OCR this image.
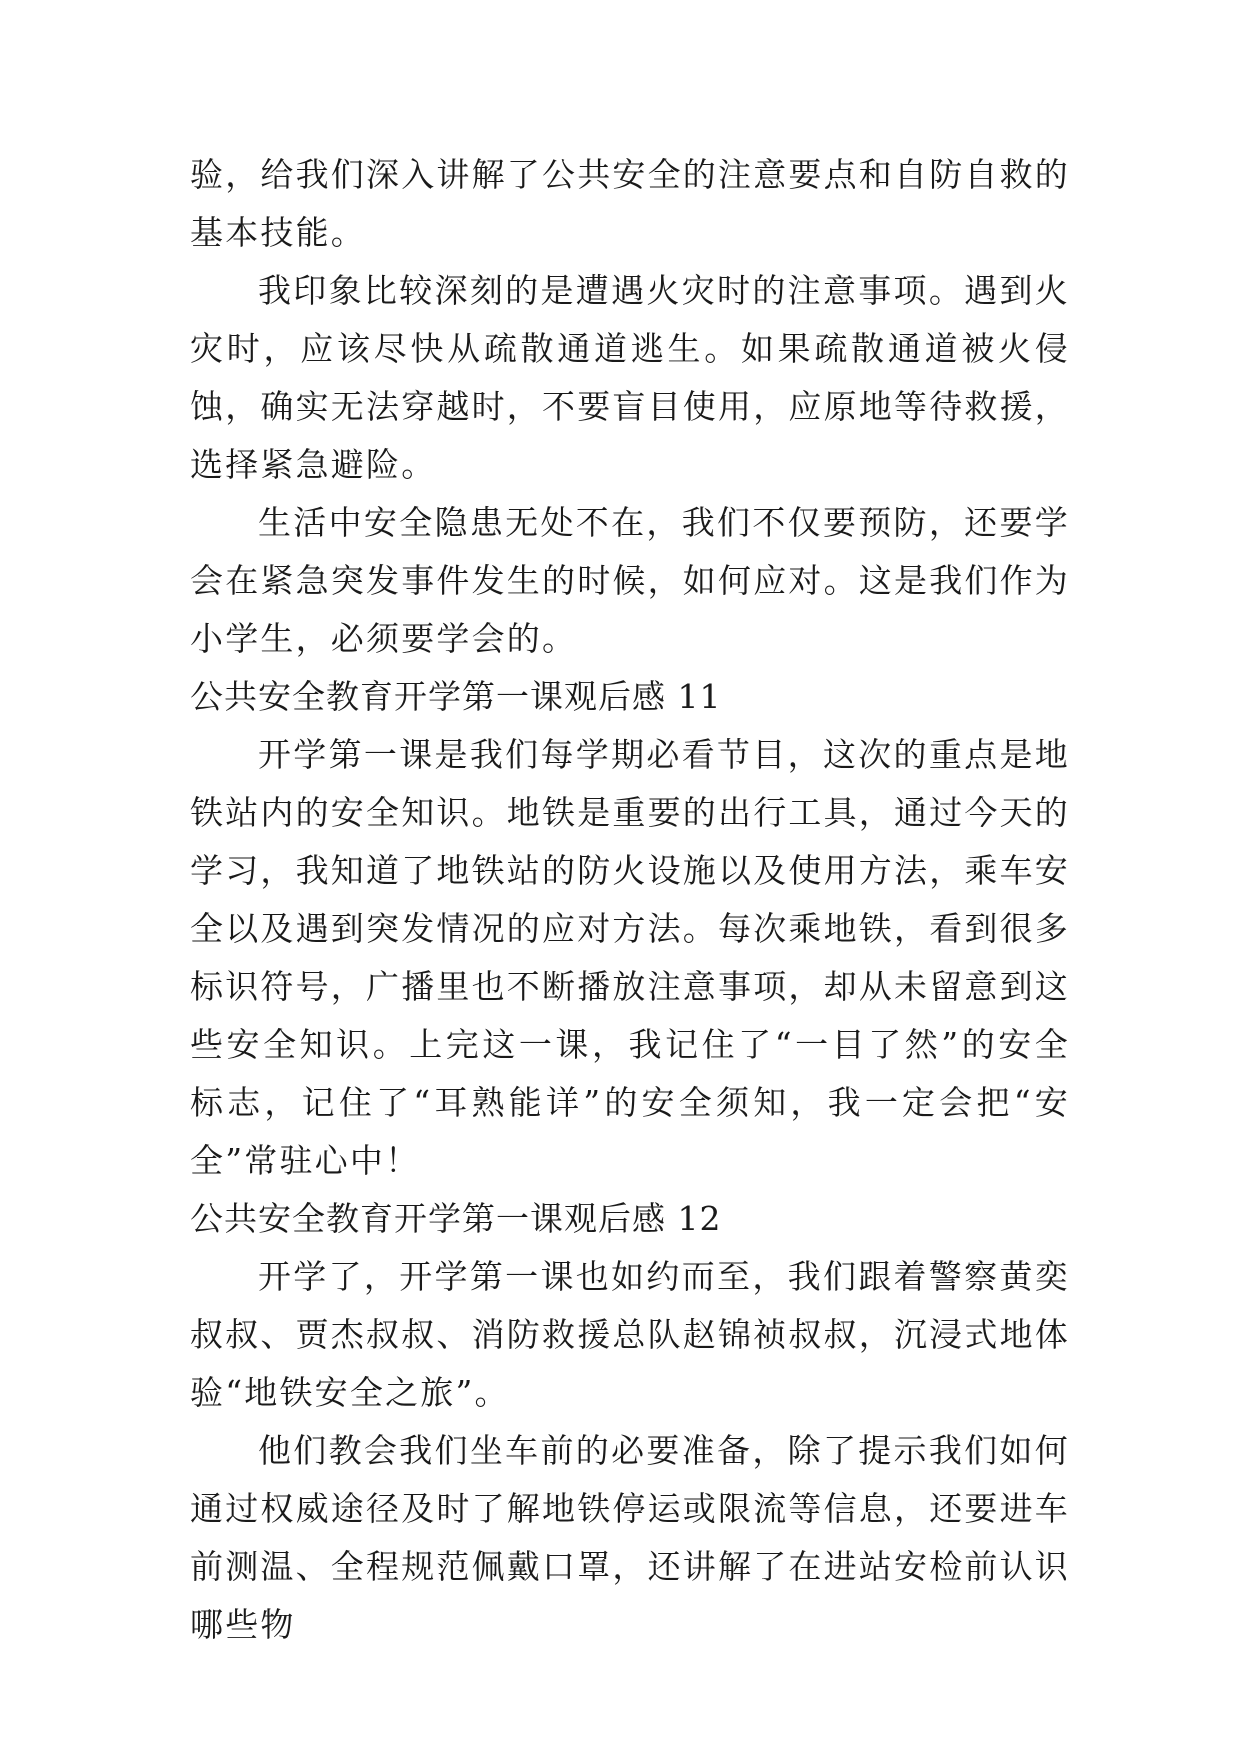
验，给我们深入讲解了公共安全的注意要点和自防自救的基本技能。

我印象比较深刻的是遭遇火灾时的注意事项。遇到火灾时，应该尽快从疏散通道逃生。如果疏散通道被火侵蚀，确实无法穿越时，不要盲目使用，应原地等待救援，选择紧急避险。

生活中安全隐患无处不在，我们不仅要预防，还要学会在紧急突发事件发生的时候，如何应对。这是我们作为小学生，必须要学会的。

公共安全教育开学第一课观后感 11

开学第一课是我们每学期必看节目，这次的重点是地铁站内的安全知识。地铁是重要的出行工具，通过今天的学习，我知道了地铁站的防火设施以及使用方法，乘车安全以及遇到突发情况的应对方法。每次乘地铁，看到很多标识符号，广播里也不断播放注意事项，却从未留意到这些安全知识。上完这一课，我记住了“一目了然”的安全标志，记住了“耳熟能详”的安全须知，我一定会把“安全”常驻心中！

公共安全教育开学第一课观后感 12

开学了，开学第一课也如约而至，我们跟着警察黄奕叔叔、贾杰叔叔、消防救援总队赵锦祯叔叔，沉浸式地体验“地铁安全之旅”。

他们教会我们坐车前的必要准备，除了提示我们如何通过权威途径及时了解地铁停运或限流等信息，还要进车前测温、全程规范佩戴口罩，还讲解了在进站安检前认识哪些物
